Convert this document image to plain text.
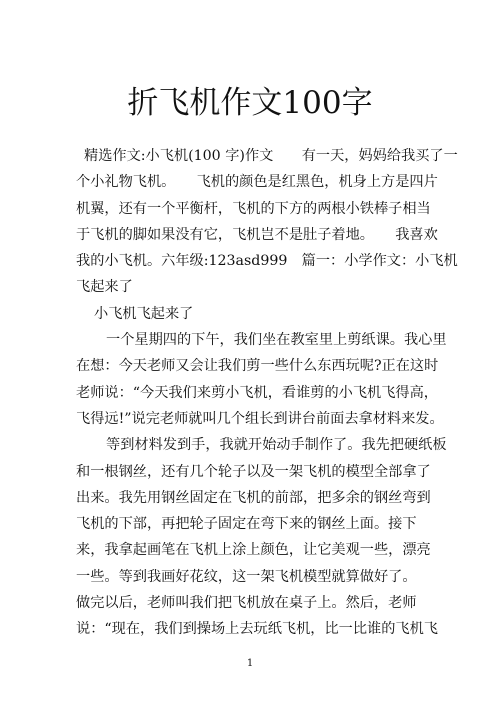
折飞机作文100字
精选作文:小飞机(100 字)作文　　有一天，妈妈给我买了一
个小礼物飞机。　　飞机的颜色是红黑色，机身上方是四片
机翼，还有一个平衡杆，飞机的下方的两根小铁棒子相当
于飞机的脚如果没有它，飞机岂不是肚子着地。　　我喜欢
我的小飞机。六年级:123asd999　篇一：小学作文：小飞机
飞起来了
小飞机飞起来了
一个星期四的下午，我们坐在教室里上剪纸课。我心里
在想：今天老师又会让我们剪一些什么东西玩呢?正在这时
老师说：“今天我们来剪小飞机，看谁剪的小飞机飞得高，
飞得远!”说完老师就叫几个组长到讲台前面去拿材料来发。
等到材料发到手，我就开始动手制作了。我先把硬纸板
和一根钢丝，还有几个轮子以及一架飞机的模型全部拿了
出来。我先用钢丝固定在飞机的前部，把多余的钢丝弯到
飞机的下部，再把轮子固定在弯下来的钢丝上面。接下
来，我拿起画笔在飞机上涂上颜色，让它美观一些，漂亮
一些。等到我画好花纹，这一架飞机模型就算做好了。
做完以后，老师叫我们把飞机放在桌子上。然后，老师
说：“现在，我们到操场上去玩纸飞机，比一比谁的飞机飞
1
